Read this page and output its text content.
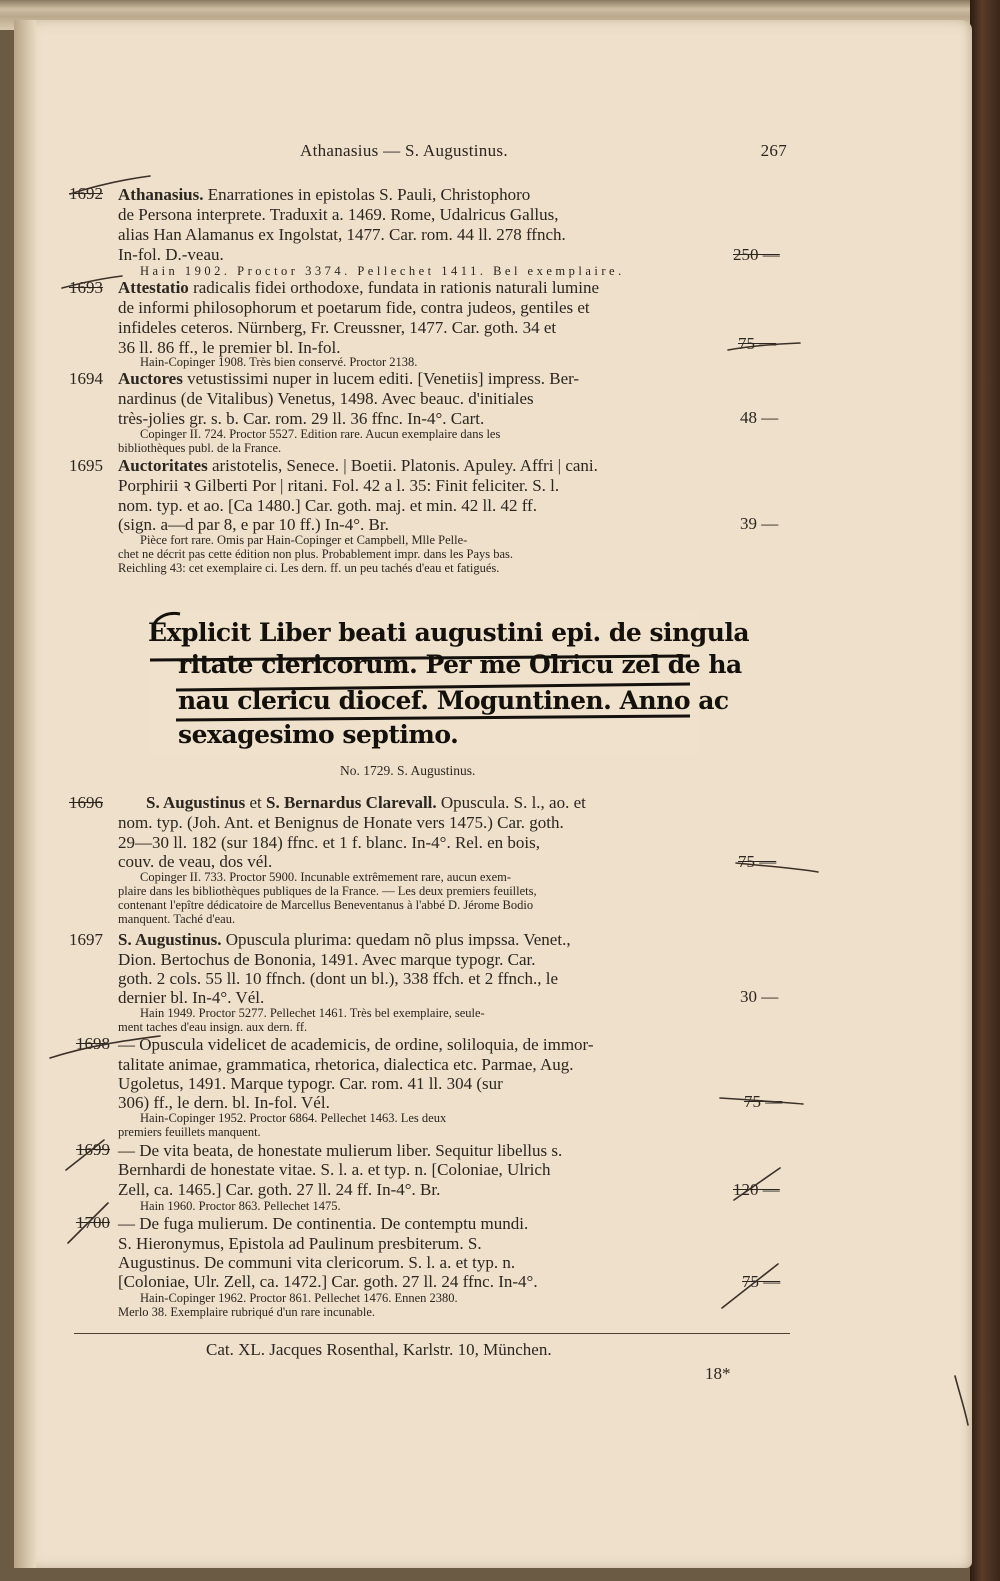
Athanasius — S. Augustinus.	267
1692 Athanasius. Enarrationes in epistolas S. Pauli, Christophoro
de Persona interprete. Traduxit a. 1469. Rome, Udalricus Gallus,
alias Han Alamanus ex Ingolstat, 1477. Car. rom. 44 ll. 278 ffnch.
In-fol. D.-veau.	250 —
Hain 1902. Proctor 3374. Pellechet 1411. Bel exemplaire.
1693 Attestatio radicalis fidei orthodoxe, fundata in rationis naturali lumine
de informi philosophorum et poetarum fide, contra judeos, gentiles et
infideles ceteros. Nürnberg, Fr. Creussner, 1477. Car. goth. 34 et
36 ll. 86 ff., le premier bl. In-fol.	75 —
Hain-Copinger 1908. Très bien conservé. Proctor 2138.
1694 Auctores vetustissimi nuper in lucem editi. [Venetiis] impress. Ber-
nardinus (de Vitalibus) Venetus, 1498. Avec beauc. d'initiales
très-jolies gr. s. b. Car. rom. 29 ll. 36 ffnc. In-4°. Cart.	48 —
Copinger II. 724. Proctor 5527. Edition rare. Aucun exemplaire dans les
bibliothèques publ. de la France.
1695 Auctoritates aristotelis, Senece. | Boetii. Platonis. Apuley. Affri | cani.
Porphirii ꝛ Gilberti Por | ritani. Fol. 42 a l. 35: Finit feliciter. S. l.
nom. typ. et ao. [Ca 1480.] Car. goth. maj. et min. 42 ll. 42 ff.
(sign. a—d par 8, e par 10 ff.) In-4°. Br.	39 —
Pièce fort rare. Omis par Hain-Copinger et Campbell, Mlle Pelle-
chet ne décrit pas cette édition non plus. Probablement impr. dans les Pays bas.
Reichling 43: cet exemplaire ci. Les dern. ff. un peu tachés d'eau et fatigués.
Explicit Liber beati augustini epi. de singula
ritate clericorum. Per me Olricu zel de ha
nau clericu diocef. Moguntinen. Anno ac
sexagesimo septimo.
No. 1729. S. Augustinus.
1696	S. Augustinus et S. Bernardus Clarevall. Opuscula. S. l., ao. et
nom. typ. (Joh. Ant. et Benignus de Honate vers 1475.) Car. goth.
29—30 ll. 182 (sur 184) ffnc. et 1 f. blanc. In-4°. Rel. en bois,
couv. de veau, dos vél.	75 —
Copinger II. 733. Proctor 5900. Incunable extrêmement rare, aucun exem-
plaire dans les bibliothèques publiques de la France. — Les deux premiers feuillets,
contenant l'epître dédicatoire de Marcellus Beneventanus à l'abbé D. Jérome Bodio
manquent. Taché d'eau.
1697 S. Augustinus. Opuscula plurima: quedam nõ plus impssa. Venet.,
Dion. Bertochus de Bononia, 1491. Avec marque typogr. Car.
goth. 2 cols. 55 ll. 10 ffnch. (dont un bl.), 338 ffch. et 2 ffnch., le
dernier bl. In-4°. Vél.	30 —
Hain 1949. Proctor 5277. Pellechet 1461. Très bel exemplaire, seule-
ment taches d'eau insign. aux dern. ff.
1698 — Opuscula videlicet de academicis, de ordine, soliloquia, de immor-
talitate animae, grammatica, rhetorica, dialectica etc. Parmae, Aug.
Ugoletus, 1491. Marque typogr. Car. rom. 41 ll. 304 (sur
306) ff., le dern. bl. In-fol. Vél.	75 —
Hain-Copinger 1952. Proctor 6864. Pellechet 1463. Les deux
premiers feuillets manquent.
1699 — De vita beata, de honestate mulierum liber. Sequitur libellus s.
Bernhardi de honestate vitae. S. l. a. et typ. n. [Coloniae, Ulrich
Zell, ca. 1465.] Car. goth. 27 ll. 24 ff. In-4°. Br.	120 —
Hain 1960. Proctor 863. Pellechet 1475.
1700 — De fuga mulierum. De continentia. De contemptu mundi.
S. Hieronymus, Epistola ad Paulinum presbiterum. S.
Augustinus. De communi vita clericorum. S. l. a. et typ. n.
[Coloniae, Ulr. Zell, ca. 1472.] Car. goth. 27 ll. 24 ffnc. In-4°.	75 —
Hain-Copinger 1962. Proctor 861. Pellechet 1476. Ennen 2380.
Merlo 38. Exemplaire rubriqué d'un rare incunable.
Cat. XL. Jacques Rosenthal, Karlstr. 10, München.
18*
